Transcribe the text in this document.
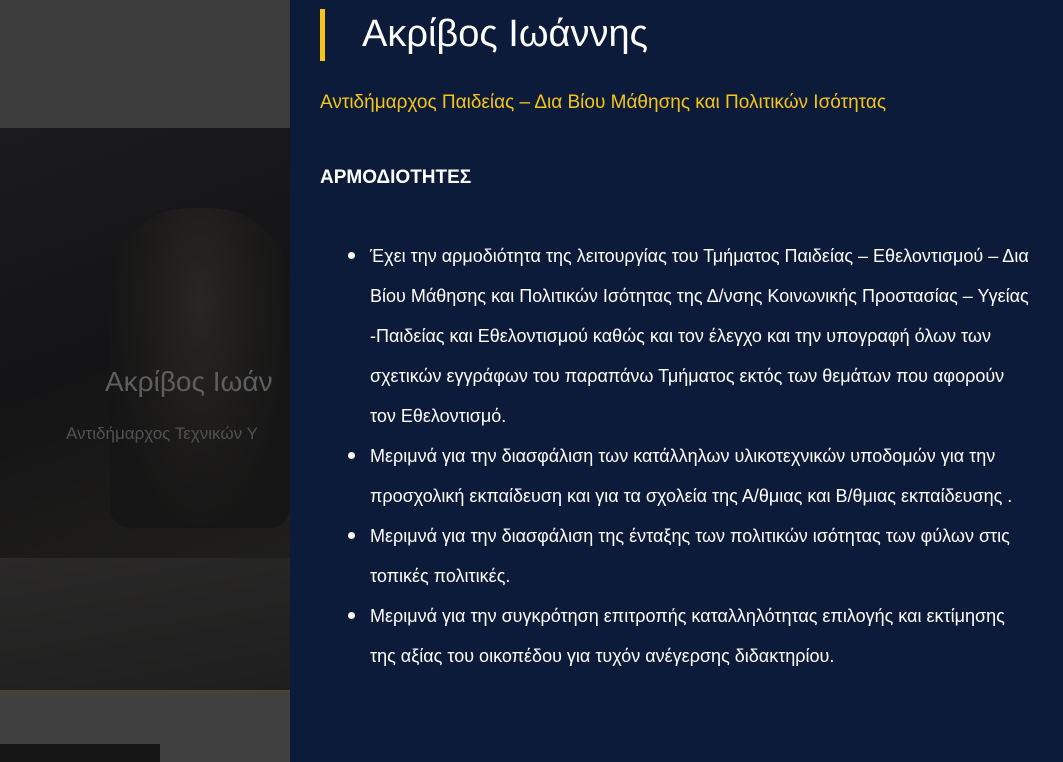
Ακρίβος Ιωάν
Αντιδήμαρχος Τεχνικών Υ
Ακρίβος Ιωάννης
Αντιδήμαρχος Παιδείας – Δια Βίου Μάθησης και Πολιτικών Ισότητας
ΑΡΜΟΔΙΟΤΗΤΕΣ
Έχει την αρμοδιότητα της λειτουργίας του Τμήματος Παιδείας – Εθελοντισμού – Δια Βίου Μάθησης και Πολιτικών Ισότητας της Δ/νσης Κοινωνικής Προστασίας – Υγείας -Παιδείας και Εθελοντισμού καθώς και τον έλεγχο και την υπογραφή όλων των σχετικών εγγράφων του παραπάνω Τμήματος εκτός των θεμάτων που αφορούν τον Εθελοντισμό.
Μεριμνά για την διασφάλιση των κατάλληλων υλικοτεχνικών υποδομών για την προσχολική εκπαίδευση και για τα σχολεία της Α/θμιας και Β/θμιας εκπαίδευσης .
Μεριμνά για την διασφάλιση της ένταξης των πολιτικών ισότητας των φύλων στις τοπικές πολιτικές.
Μεριμνά για την συγκρότηση επιτροπής καταλληλότητας επιλογής και εκτίμησης της αξίας του οικοπέδου για τυχόν ανέγερσης διδακτηρίου.
